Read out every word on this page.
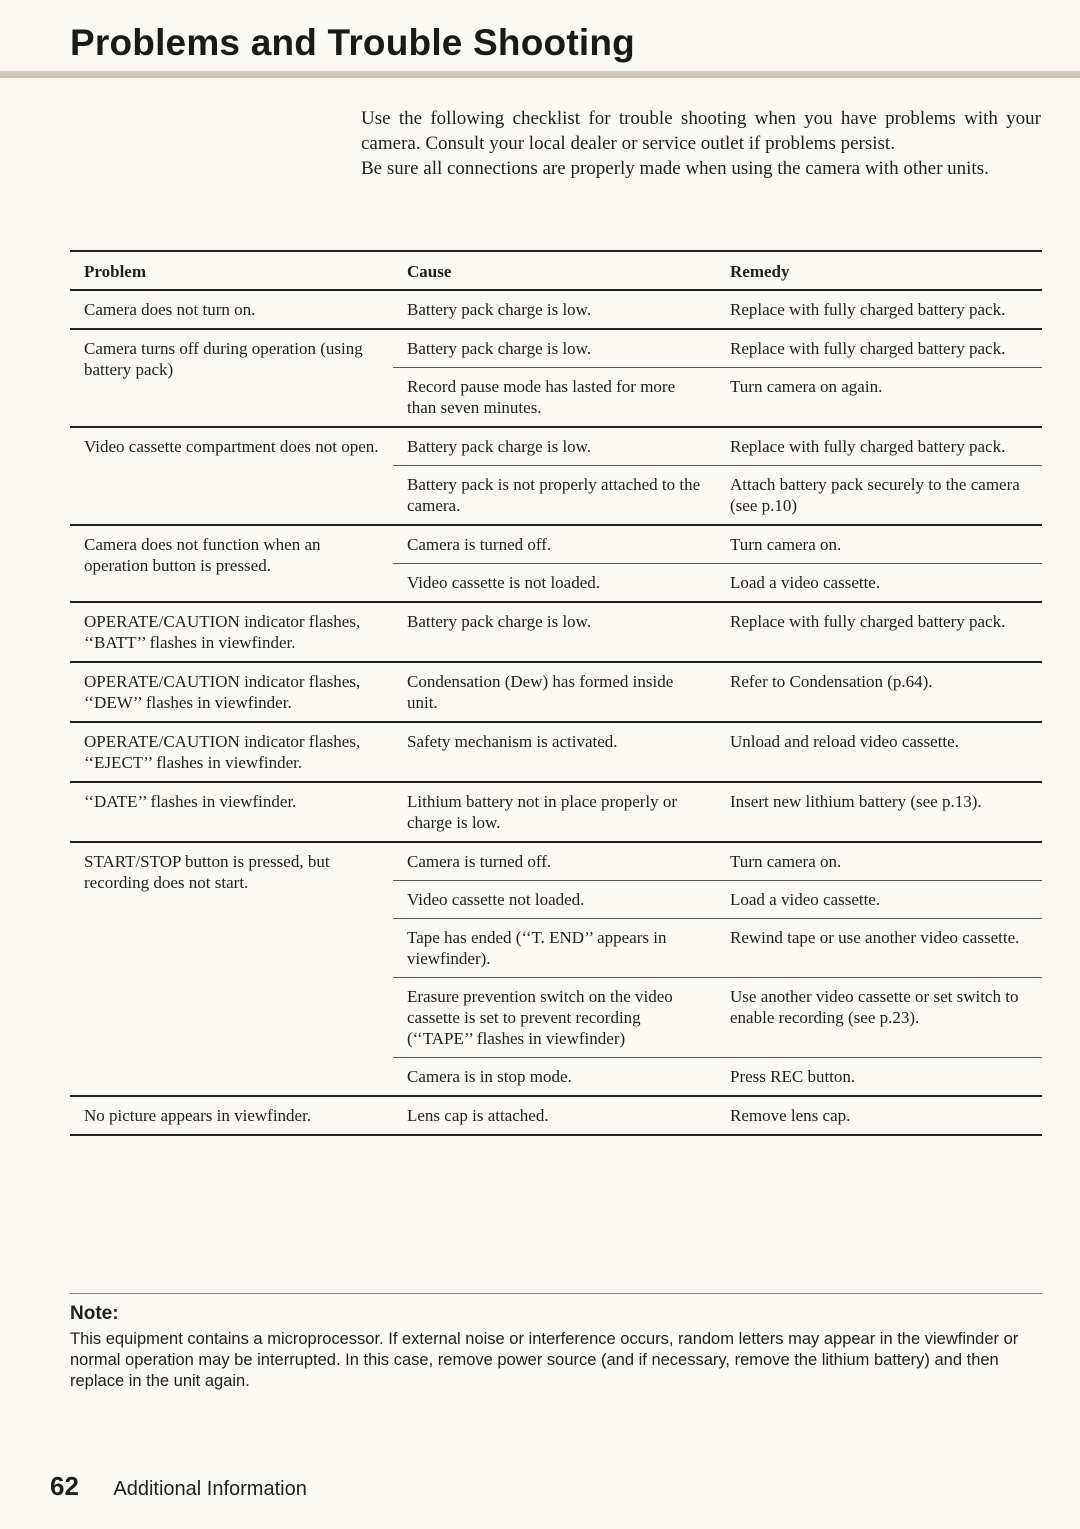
Problems and Trouble Shooting

Use the following checklist for trouble shooting when you have problems with your camera. Consult your local dealer or service outlet if problems persist.

Be sure all connections are properly made when using the camera with other units.

Problem	Cause	Remedy
Camera does not turn on.	Battery pack charge is low.	Replace with fully charged battery pack.
Camera turns off during operation (using battery pack)	Battery pack charge is low.	Replace with fully charged battery pack.
	Record pause mode has lasted for more than seven minutes.	Turn camera on again.
Video cassette compartment does not open.	Battery pack charge is low.	Replace with fully charged battery pack.
	Battery pack is not properly attached to the camera.	Attach battery pack securely to the camera (see p.10)
Camera does not function when an operation button is pressed.	Camera is turned off.	Turn camera on.
	Video cassette is not loaded.	Load a video cassette.
OPERATE/CAUTION indicator flashes, ‘‘BATT’’ flashes in viewfinder.	Battery pack charge is low.	Replace with fully charged battery pack.
OPERATE/CAUTION indicator flashes, ‘‘DEW’’ flashes in viewfinder.	Condensation (Dew) has formed inside unit.	Refer to Condensation (p.64).
OPERATE/CAUTION indicator flashes, ‘‘EJECT’’ flashes in viewfinder.	Safety mechanism is activated.	Unload and reload video cassette.
‘‘DATE’’ flashes in viewfinder.	Lithium battery not in place properly or charge is low.	Insert new lithium battery (see p.13).
START/STOP button is pressed, but recording does not start.	Camera is turned off.	Turn camera on.
	Video cassette not loaded.	Load a video cassette.
	Tape has ended (‘‘T. END’’ appears in viewfinder).	Rewind tape or use another video cassette.
	Erasure prevention switch on the video cassette is set to prevent recording (‘‘TAPE’’ flashes in viewfinder)	Use another video cassette or set switch to enable recording (see p.23).
	Camera is in stop mode.	Press REC button.
No picture appears in viewfinder.	Lens cap is attached.	Remove lens cap.
Note:
This equipment contains a microprocessor. If external noise or interference occurs, random letters may appear in the viewfinder or normal operation may be interrupted. In this case, remove power source (and if necessary, remove the lithium battery) and then replace in the unit again.
62 Additional Information
